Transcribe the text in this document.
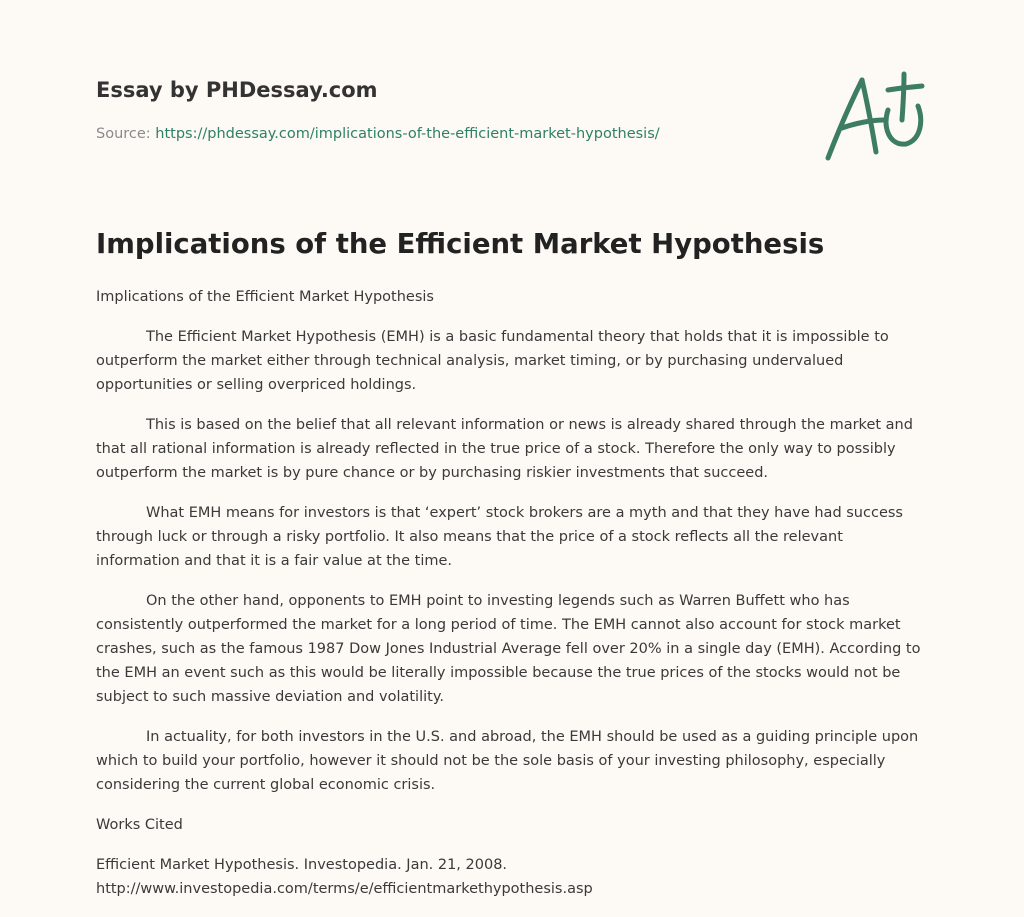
Essay by PHDessay.com
Source: https://phdessay.com/implications-of-the-efficient-market-hypothesis/
Implications of the Efficient Market Hypothesis

Implications of the Efficient Market Hypothesis

The Efficient Market Hypothesis (EMH) is a basic fundamental theory that holds that it is impossible to outperform the market either through technical analysis, market timing, or by purchasing undervalued opportunities or selling overpriced holdings.

This is based on the belief that all relevant information or news is already shared through the market and that all rational information is already reflected in the true price of a stock. Therefore the only way to possibly outperform the market is by pure chance or by purchasing riskier investments that succeed.

What EMH means for investors is that ‘expert’ stock brokers are a myth and that they have had success through luck or through a risky portfolio. It also means that the price of a stock reflects all the relevant information and that it is a fair value at the time.

On the other hand, opponents to EMH point to investing legends such as Warren Buffett who has consistently outperformed the market for a long period of time. The EMH cannot also account for stock market crashes, such as the famous 1987 Dow Jones Industrial Average fell over 20% in a single day (EMH). According to the EMH an event such as this would be literally impossible because the true prices of the stocks would not be subject to such massive deviation and volatility.

In actuality, for both investors in the U.S. and abroad, the EMH should be used as a guiding principle upon which to build your portfolio, however it should not be the sole basis of your investing philosophy, especially considering the current global economic crisis.

Works Cited

Efficient Market Hypothesis. Investopedia. Jan. 21, 2008.
http://www.investopedia.com/terms/e/efficientmarkethypothesis.asp
